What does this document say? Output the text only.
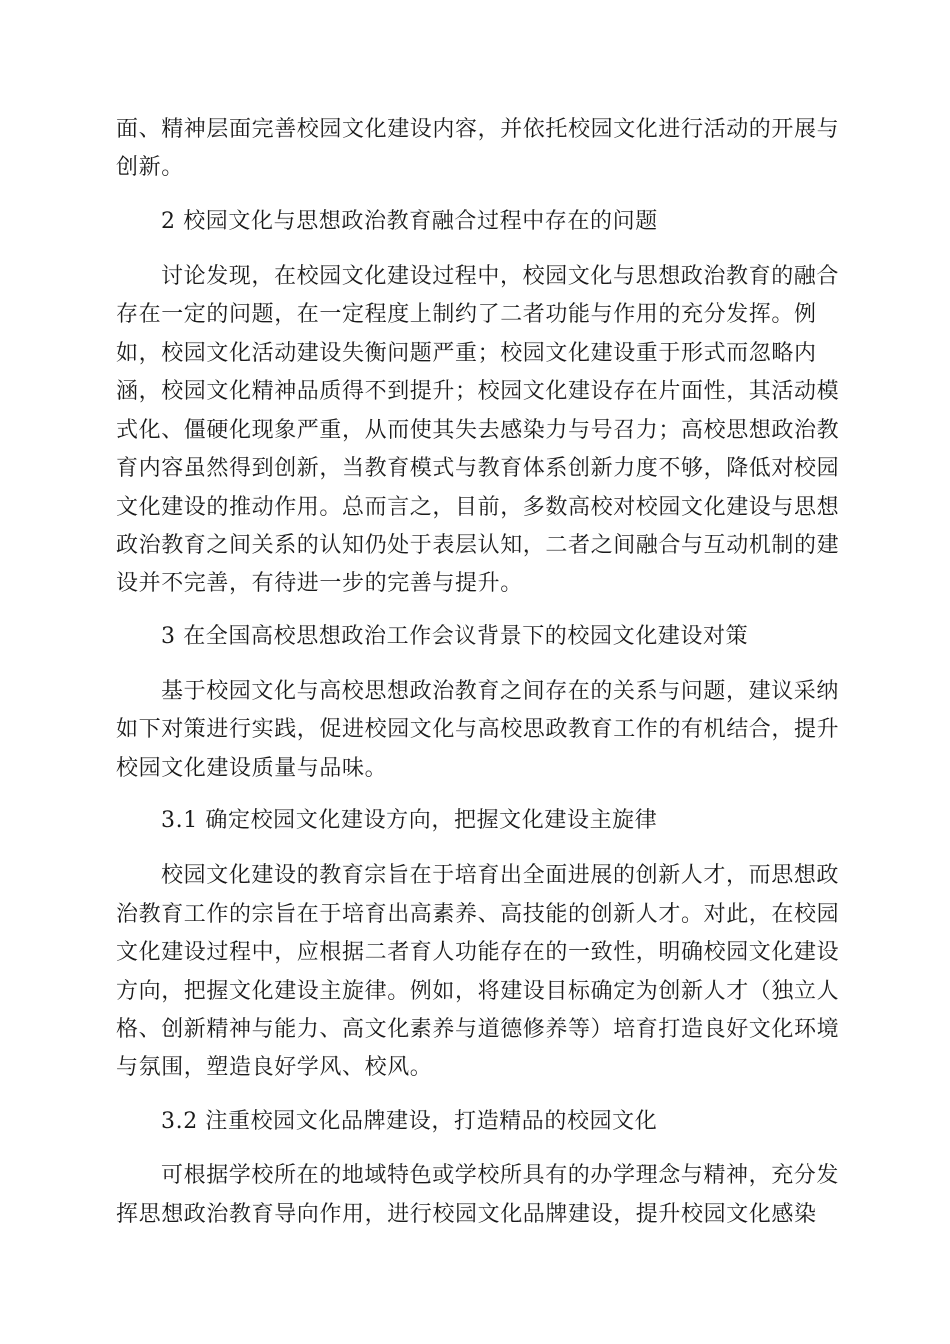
面、精神层面完善校园文化建设内容，并依托校园文化进行活动的开展与
创新。
2 校园文化与思想政治教育融合过程中存在的问题
讨论发现，在校园文化建设过程中，校园文化与思想政治教育的融合
存在一定的问题，在一定程度上制约了二者功能与作用的充分发挥。例
如，校园文化活动建设失衡问题严重；校园文化建设重于形式而忽略内
涵，校园文化精神品质得不到提升；校园文化建设存在片面性，其活动模
式化、僵硬化现象严重，从而使其失去感染力与号召力；高校思想政治教
育内容虽然得到创新，当教育模式与教育体系创新力度不够，降低对校园
文化建设的推动作用。总而言之，目前，多数高校对校园文化建设与思想
政治教育之间关系的认知仍处于表层认知，二者之间融合与互动机制的建
设并不完善，有待进一步的完善与提升。
3 在全国高校思想政治工作会议背景下的校园文化建设对策
基于校园文化与高校思想政治教育之间存在的关系与问题，建议采纳
如下对策进行实践，促进校园文化与高校思政教育工作的有机结合，提升
校园文化建设质量与品味。
3.1 确定校园文化建设方向，把握文化建设主旋律
校园文化建设的教育宗旨在于培育出全面进展的创新人才，而思想政
治教育工作的宗旨在于培育出高素养、高技能的创新人才。对此，在校园
文化建设过程中，应根据二者育人功能存在的一致性，明确校园文化建设
方向，把握文化建设主旋律。例如，将建设目标确定为创新人才（独立人
格、创新精神与能力、高文化素养与道德修养等）培育打造良好文化环境
与氛围，塑造良好学风、校风。
3.2 注重校园文化品牌建设，打造精品的校园文化
可根据学校所在的地域特色或学校所具有的办学理念与精神，充分发
挥思想政治教育导向作用，进行校园文化品牌建设，提升校园文化感染
